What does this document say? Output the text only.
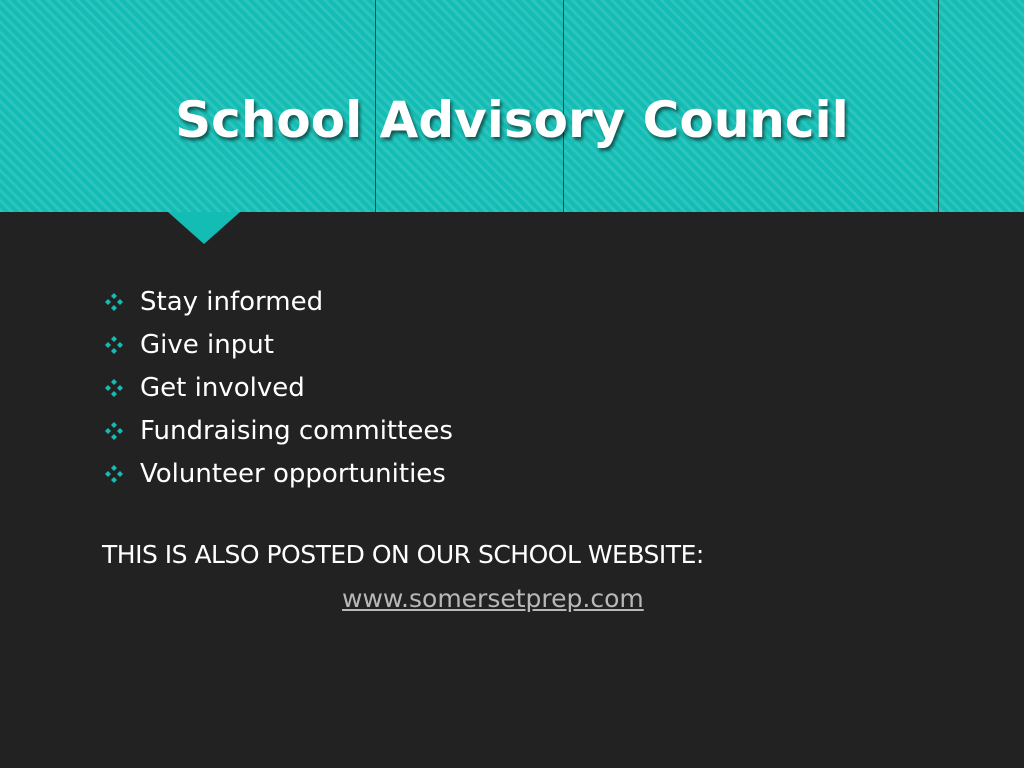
School Advisory Council
Stay informed
Give input
Get involved
Fundraising committees
Volunteer opportunities
THIS IS ALSO POSTED ON OUR SCHOOL WEBSITE:
www.somersetprep.com
